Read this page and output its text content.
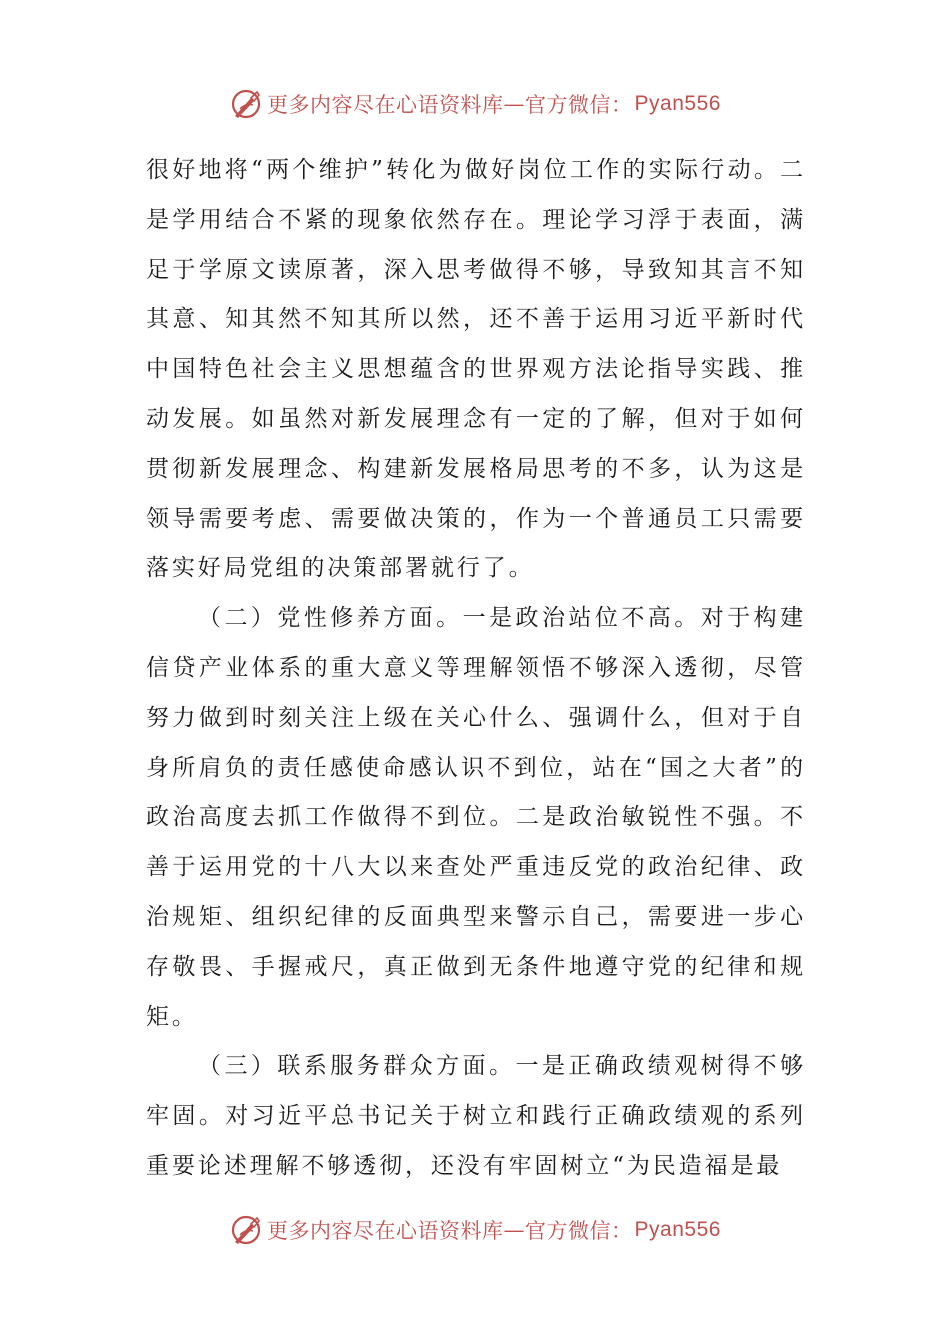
更多内容尽在心语资料库 — 官方微信： Pyan556

很好地将“两个维护”转化为做好岗位工作的实际行动。二是学用结合不紧的现象依然存在。理论学习浮于表面，满足于学原文读原著，深入思考做得不够，导致知其言不知其意、知其然不知其所以然，还不善于运用习近平新时代中国特色社会主义思想蕴含的世界观方法论指导实践、推动发展。如虽然对新发展理念有一定的了解，但对于如何贯彻新发展理念、构建新发展格局思考的不多，认为这是领导需要考虑、需要做决策的，作为一个普通员工只需要落实好局党组的决策部署就行了。

（二）党性修养方面。一是政治站位不高。对于构建信贷产业体系的重大意义等理解领悟不够深入透彻，尽管努力做到时刻关注上级在关心什么、强调什么，但对于自身所肩负的责任感使命感认识不到位，站在“国之大者”的政治高度去抓工作做得不到位。二是政治敏锐性不强。不善于运用党的十八大以来查处严重违反党的政治纪律、政治规矩、组织纪律的反面典型来警示自己，需要进一步心存敬畏、手握戒尺，真正做到无条件地遵守党的纪律和规矩。

（三）联系服务群众方面。一是正确政绩观树得不够牢固。对习近平总书记关于树立和践行正确政绩观的系列重要论述理解不够透彻，还没有牢固树立“为民造福是最

更多内容尽在心语资料库 — 官方微信： Pyan556
